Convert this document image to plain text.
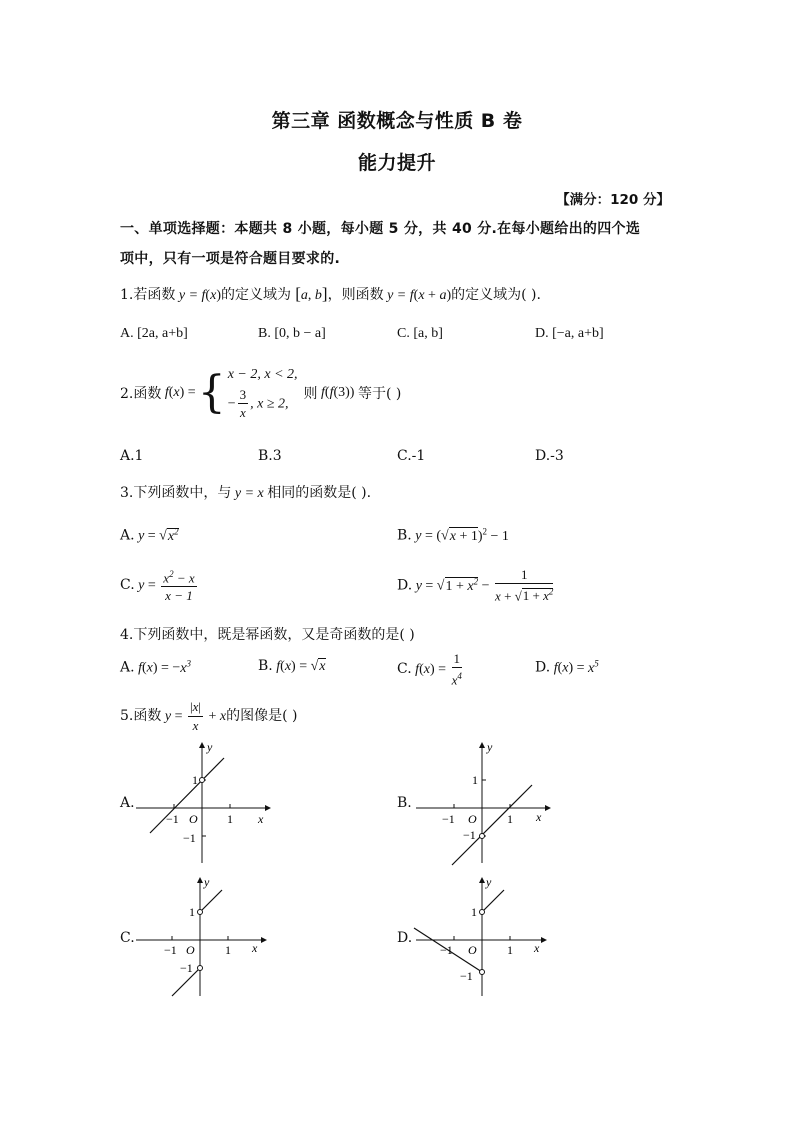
第三章 函数概念与性质 B 卷
能力提升
【满分：120 分】
一、单项选择题：本题共 8 小题，每小题 5 分，共 40 分.在每小题给出的四个选
项中，只有一项是符合题目要求的.
1.若函数 y = f(x)的定义域为 [a, b]，则函数 y = f(x + a)的定义域为( ).
A. [2a, a+b]	B. [0, b − a]	C. [a, b]	D. [−a, a+b]
2.函数 f ( x ) = { x − 2, x < 2,
− $\frac{3}{x}$ , x ≥ 2,
则 f ( f (3)) 等于( )
A.1	B.3	C.-1	D.-3
3.下列函数中，与 y = x 相同的函数是( ).
A. $y = √x^2$	B. $y = (√x + 1)^2 - 1$
C. $y = \frac{x^2 - x}{x - 1}$	D. $y = √1 + x^2 - \frac{1}{x + √1 + x^2}$
4.下列函数中，既是幂函数，又是奇函数的是( )
A. $f(x) = -x^3$	B. f(x) = √x	C. $f(x) = \frac{1}{x^4}$	D. $f(x) = x^5$
5.函数 $y = \frac{|x|}{x} + x$的图像是( )
A.	B.
C.	D.
y
x
O 1
−1
1
−1
y
x
O	1
−1
1
−1
y
x
O	1
−1
1
−1
y
x
O	1
−1
1
−1
